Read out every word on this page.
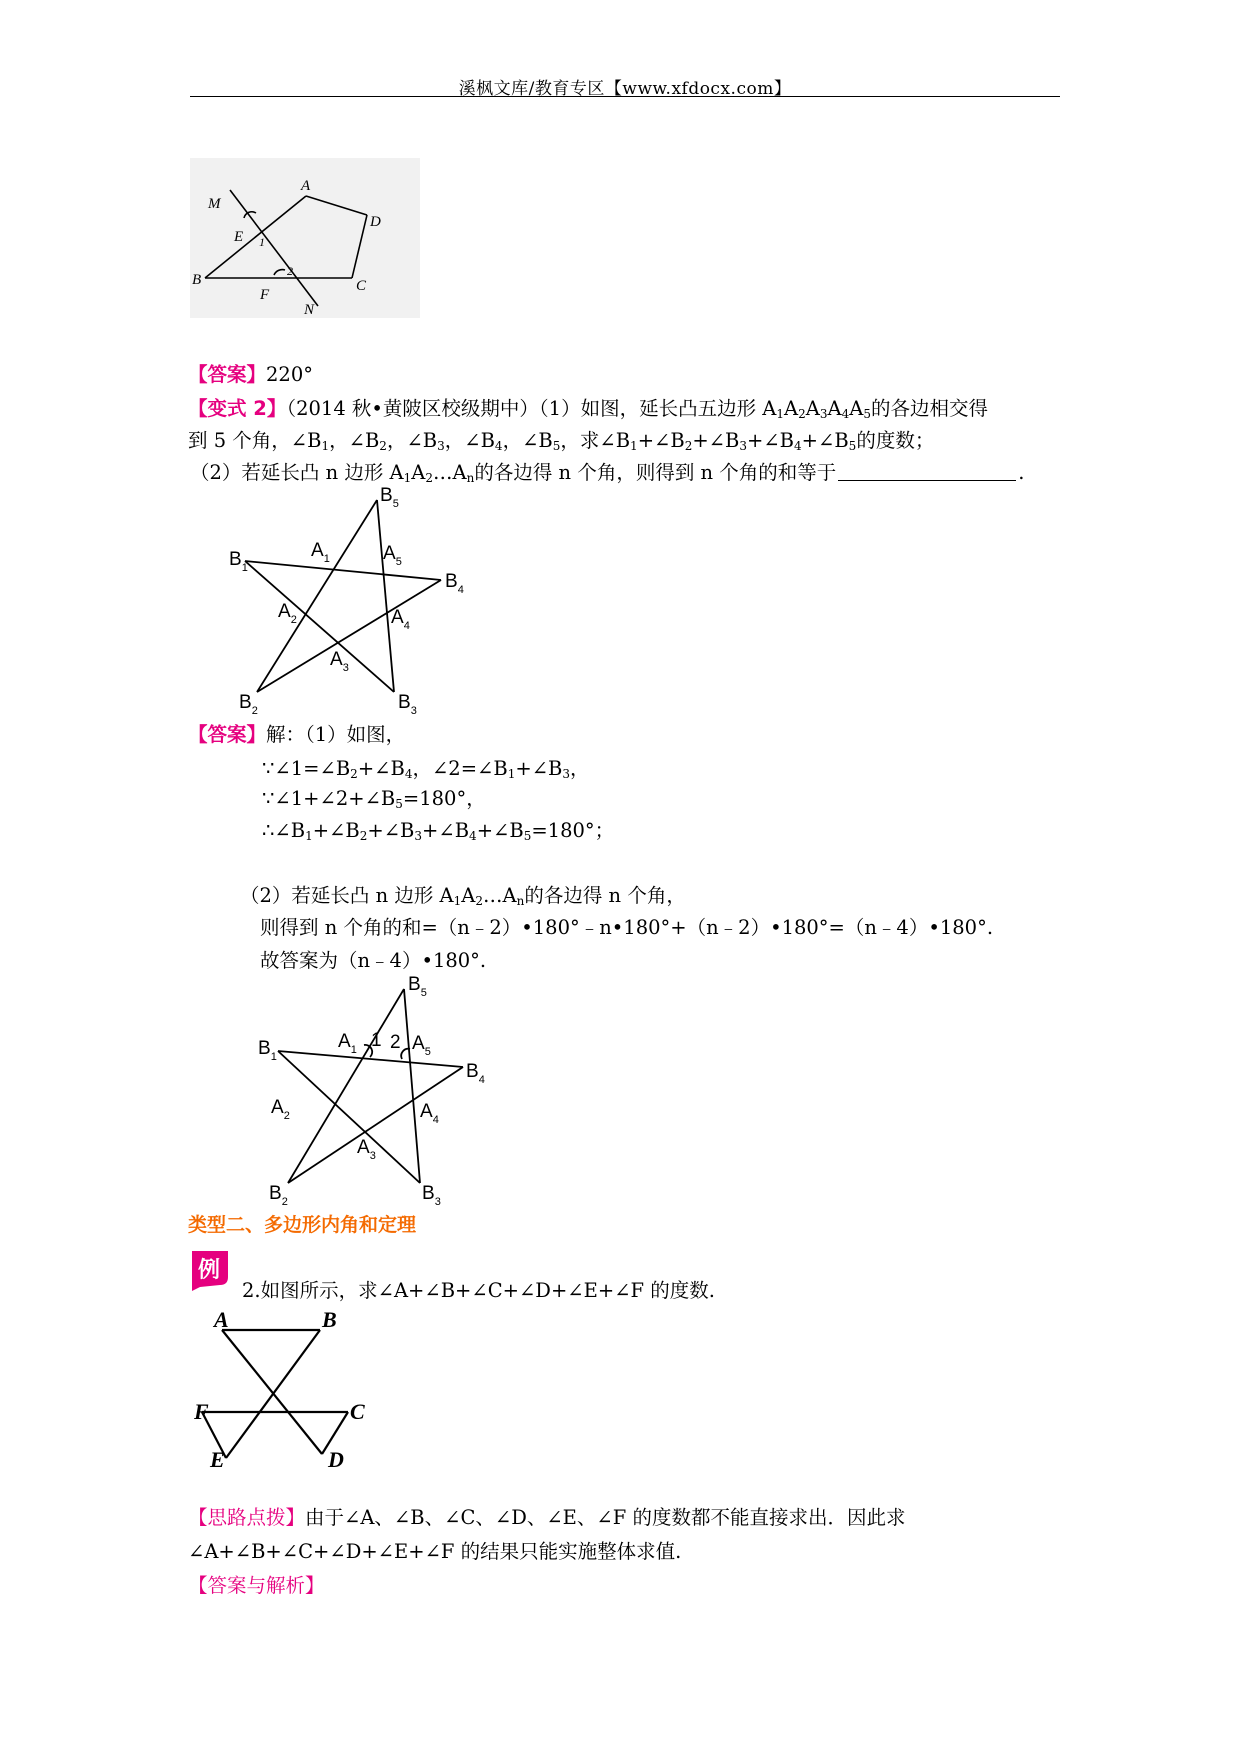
溪枫文库/教育专区【www.xfdocx.com】
A
M
D
E 1
2
B
F
C
N
【答案】220°
【变式 2】（2014 秋•黄陂区校级期中）（1）如图，延长凸五边形 $A_1A_2A_3A_4A_5$的各边相交得
到 5 个角，$\angle B_1$，$\angle B_2$，$\angle B_3$，$\angle B_4$，$\angle B_5$，求$\angle B_1+\angle B_2+\angle B_3+\angle B_4+\angle B_5$的度数；
（2）若延长凸 n 边形 $A_1A_2\dots A_n$的各边得 n 个角，则得到 n 个角的和等于	.
$B_5$
$B_1$
$A_1$	$A_5$
$B_4$
$A_2$	$A_4$
$A_3$
$B_2$	$B_3$
【答案】解：（1）如图，
$\because\angle 1=\angle B_2+\angle B_4$，$\angle 2=\angle B_1+\angle B_3$，
$\because\angle 1+\angle 2+\angle B_5=180^\circ$，
$\therefore\angle B_1+\angle B_2+\angle B_3+\angle B_4+\angle B_5=180^\circ$；
（2）若延长凸 n 边形 $A_1A_2\dots A_n$的各边得 n 个角，
则得到 n 个角的和=（n﹣2）•180°﹣n•180°+（n﹣2）•180°=（n﹣4）•180°.
故答案为（n﹣4）•180°.
$B_5$
$B_1$
$A_1$ 1 2 $A_5$
$B_4$
$A_2$	$A_4$
$A_3$
$B_2$	$B_3$
类型二、多边形内角和定理
例
2.如图所示，求∠A+∠B+∠C+∠D+∠E+∠F 的度数.
A	B
F	C
E	D
【思路点拨】由于∠A、∠B、∠C、∠D、∠E、∠F 的度数都不能直接求出．因此求
∠A+∠B+∠C+∠D+∠E+∠F 的结果只能实施整体求值.
【答案与解析】
